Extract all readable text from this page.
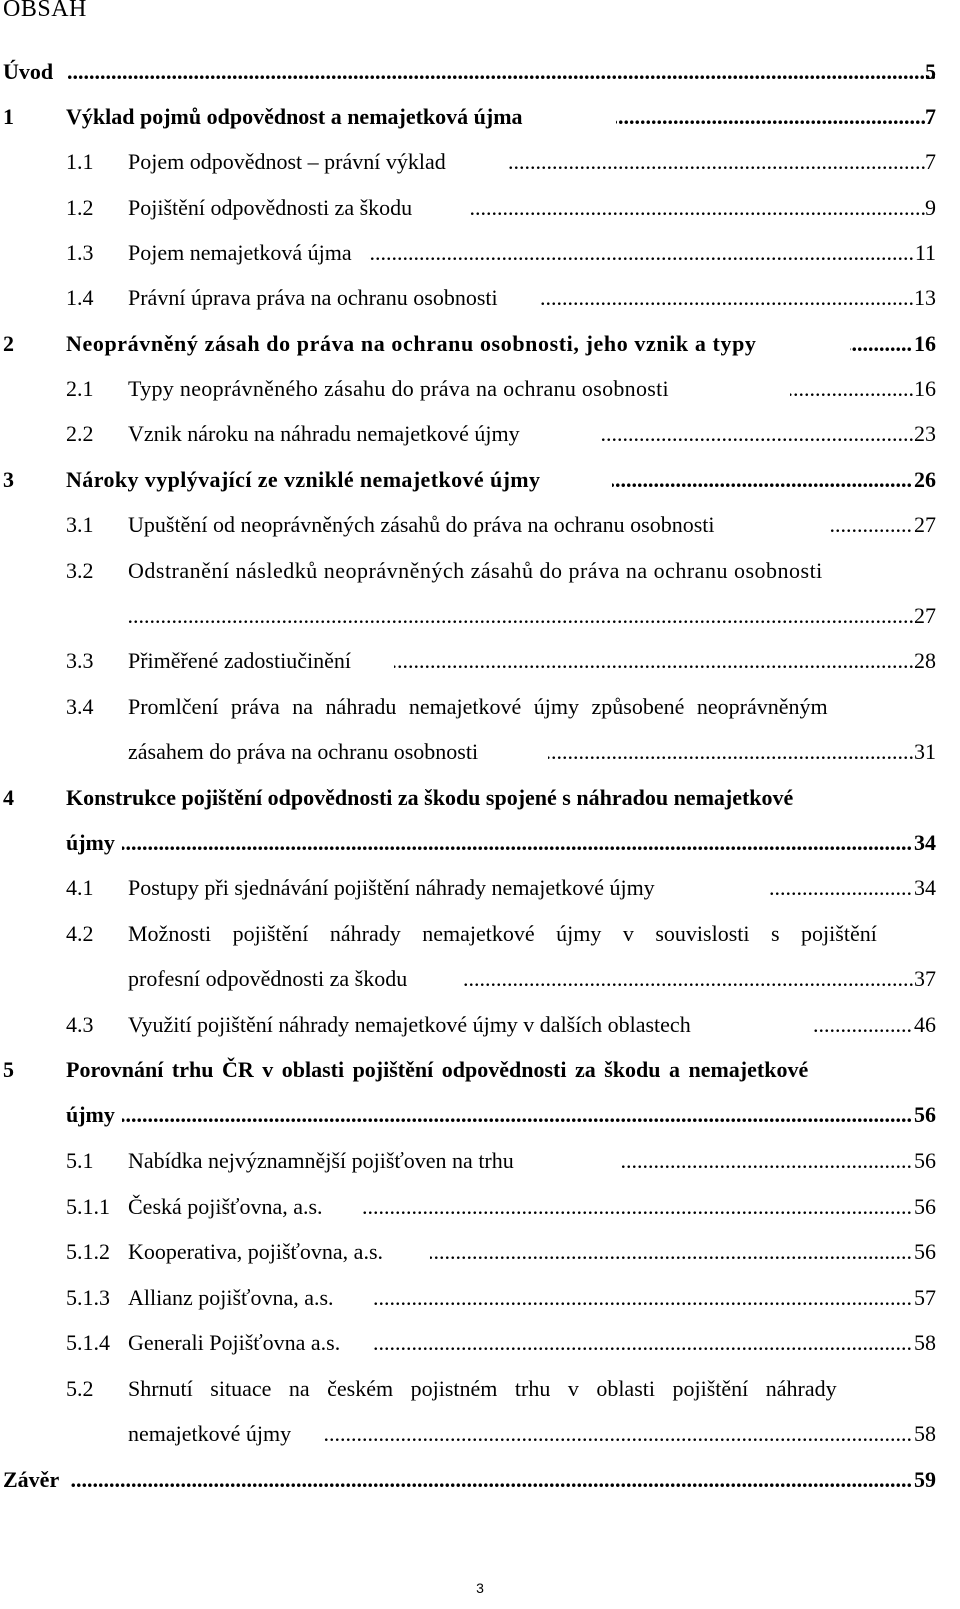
OBSAH
Úvod .....	5
1 Výklad pojmů odpovědnost a nemajetková újma .....	7
1.1 Pojem odpovědnost – právní výklad .....	7
1.2 Pojištění odpovědnosti za škodu .....	9
1.3 Pojem nemajetková újma .....	11
1.4 Právní úprava práva na ochranu osobnosti .....	13
2 Neoprávněný zásah do práva na ochranu osobnosti, jeho vznik a typy .....	16
2.1 Typy neoprávněného zásahu do práva na ochranu osobnosti .....	16
2.2 Vznik nároku na náhradu nemajetkové újmy .....	23
3 Nároky vyplývající ze vzniklé nemajetkové újmy .....	26
3.1 Upuštění od neoprávněných zásahů do práva na ochranu osobnosti .....	27
3.2 Odstranění následků neoprávněných zásahů do práva na ochranu osobnosti
.....
27
3.3 Přiměřené zadostiučinění .....	28
3.4 Promlčení práva na náhradu nemajetkové újmy způsobené neoprávněným
zásahem do práva na ochranu osobnosti .....	31
4 Konstrukce pojištění odpovědnosti za škodu spojené s náhradou nemajetkové
újmy .....	34
4.1 Postupy při sjednávání pojištění náhrady nemajetkové újmy .....	34
4.2 Možnosti pojištění náhrady nemajetkové újmy v souvislosti s pojištění
profesní odpovědnosti za škodu .....	37
4.3 Využití pojištění náhrady nemajetkové újmy v dalších oblastech .....	46
5 Porovnání trhu ČR v oblasti pojištění odpovědnosti za škodu a nemajetkové
újmy .....	56
5.1 Nabídka nejvýznamnější pojišťoven na trhu .....	56
5.1.1 Česká pojišťovna, a.s. .....	56
5.1.2 Kooperativa, pojišťovna, a.s. .....	56
5.1.3 Allianz pojišťovna, a.s. .....	57
5.1.4 Generali Pojišťovna a.s. .....	58
5.2 Shrnutí situace na českém pojistném trhu v oblasti pojištění náhrady
nemajetkové újmy .....	58
Závěr .....	59
3
